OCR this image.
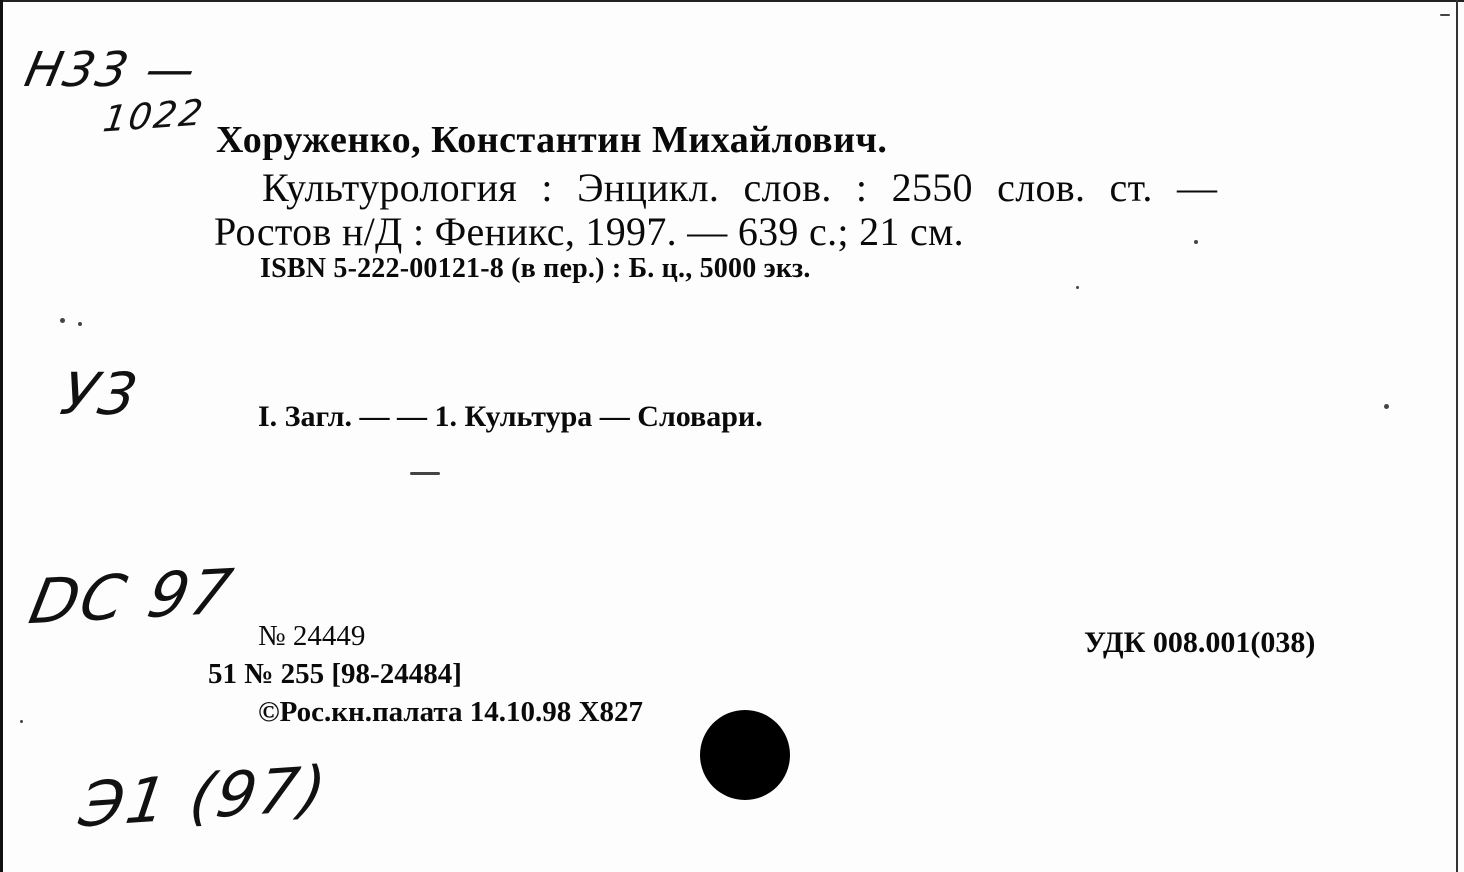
Н33 —
1022 Хоруженко, Константин Михайлович.
Культурология : Энцикл. слов. : 2550 слов. ст. —
Ростов н/Д : Феникс, 1997. — 639 с.; 21 см.
ISBN 5-222-00121-8 (в пер.) : Б. ц., 5000 экз.
У3	I. Загл. — — 1. Культура — Словари.
DC 97 № 24449
51 № 255 [98-24484]
©Рос.кн.палата 14.10.98 Х827
УДК 008.001(038)
Э1 (97)
